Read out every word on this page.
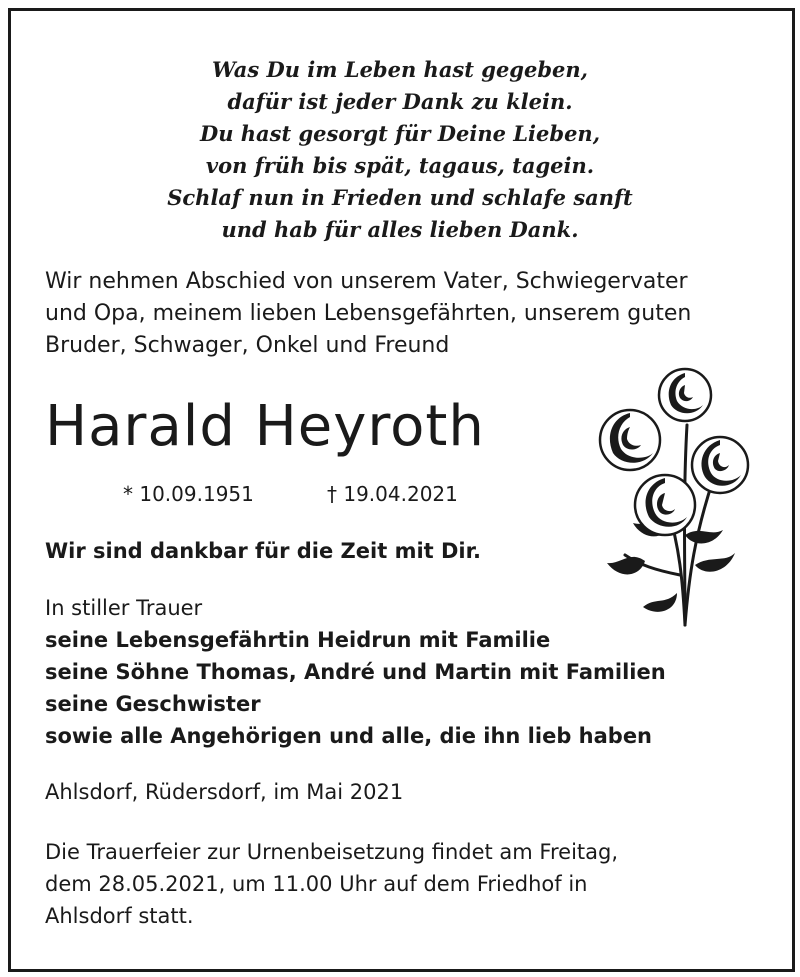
Was Du im Leben hast gegeben,
dafür ist jeder Dank zu klein.
Du hast gesorgt für Deine Lieben,
von früh bis spät, tagaus, tagein.
Schlaf nun in Frieden und schlafe sanft
und hab für alles lieben Dank.
Wir nehmen Abschied von unserem Vater, Schwiegervater
und Opa, meinem lieben Lebensgefährten, unserem guten
Bruder, Schwager, Onkel und Freund
Harald Heyroth
* 10.09.1951	† 19.04.2021
Wir sind dankbar für die Zeit mit Dir.
In stiller Trauer
seine Lebensgefährtin Heidrun mit Familie
seine Söhne Thomas, André und Martin mit Familien
seine Geschwister
sowie alle Angehörigen und alle, die ihn lieb haben
Ahlsdorf, Rüdersdorf, im Mai 2021
Die Trauerfeier zur Urnenbeisetzung findet am Freitag,
dem 28.05.2021, um 11.00 Uhr auf dem Friedhof in
Ahlsdorf statt.
